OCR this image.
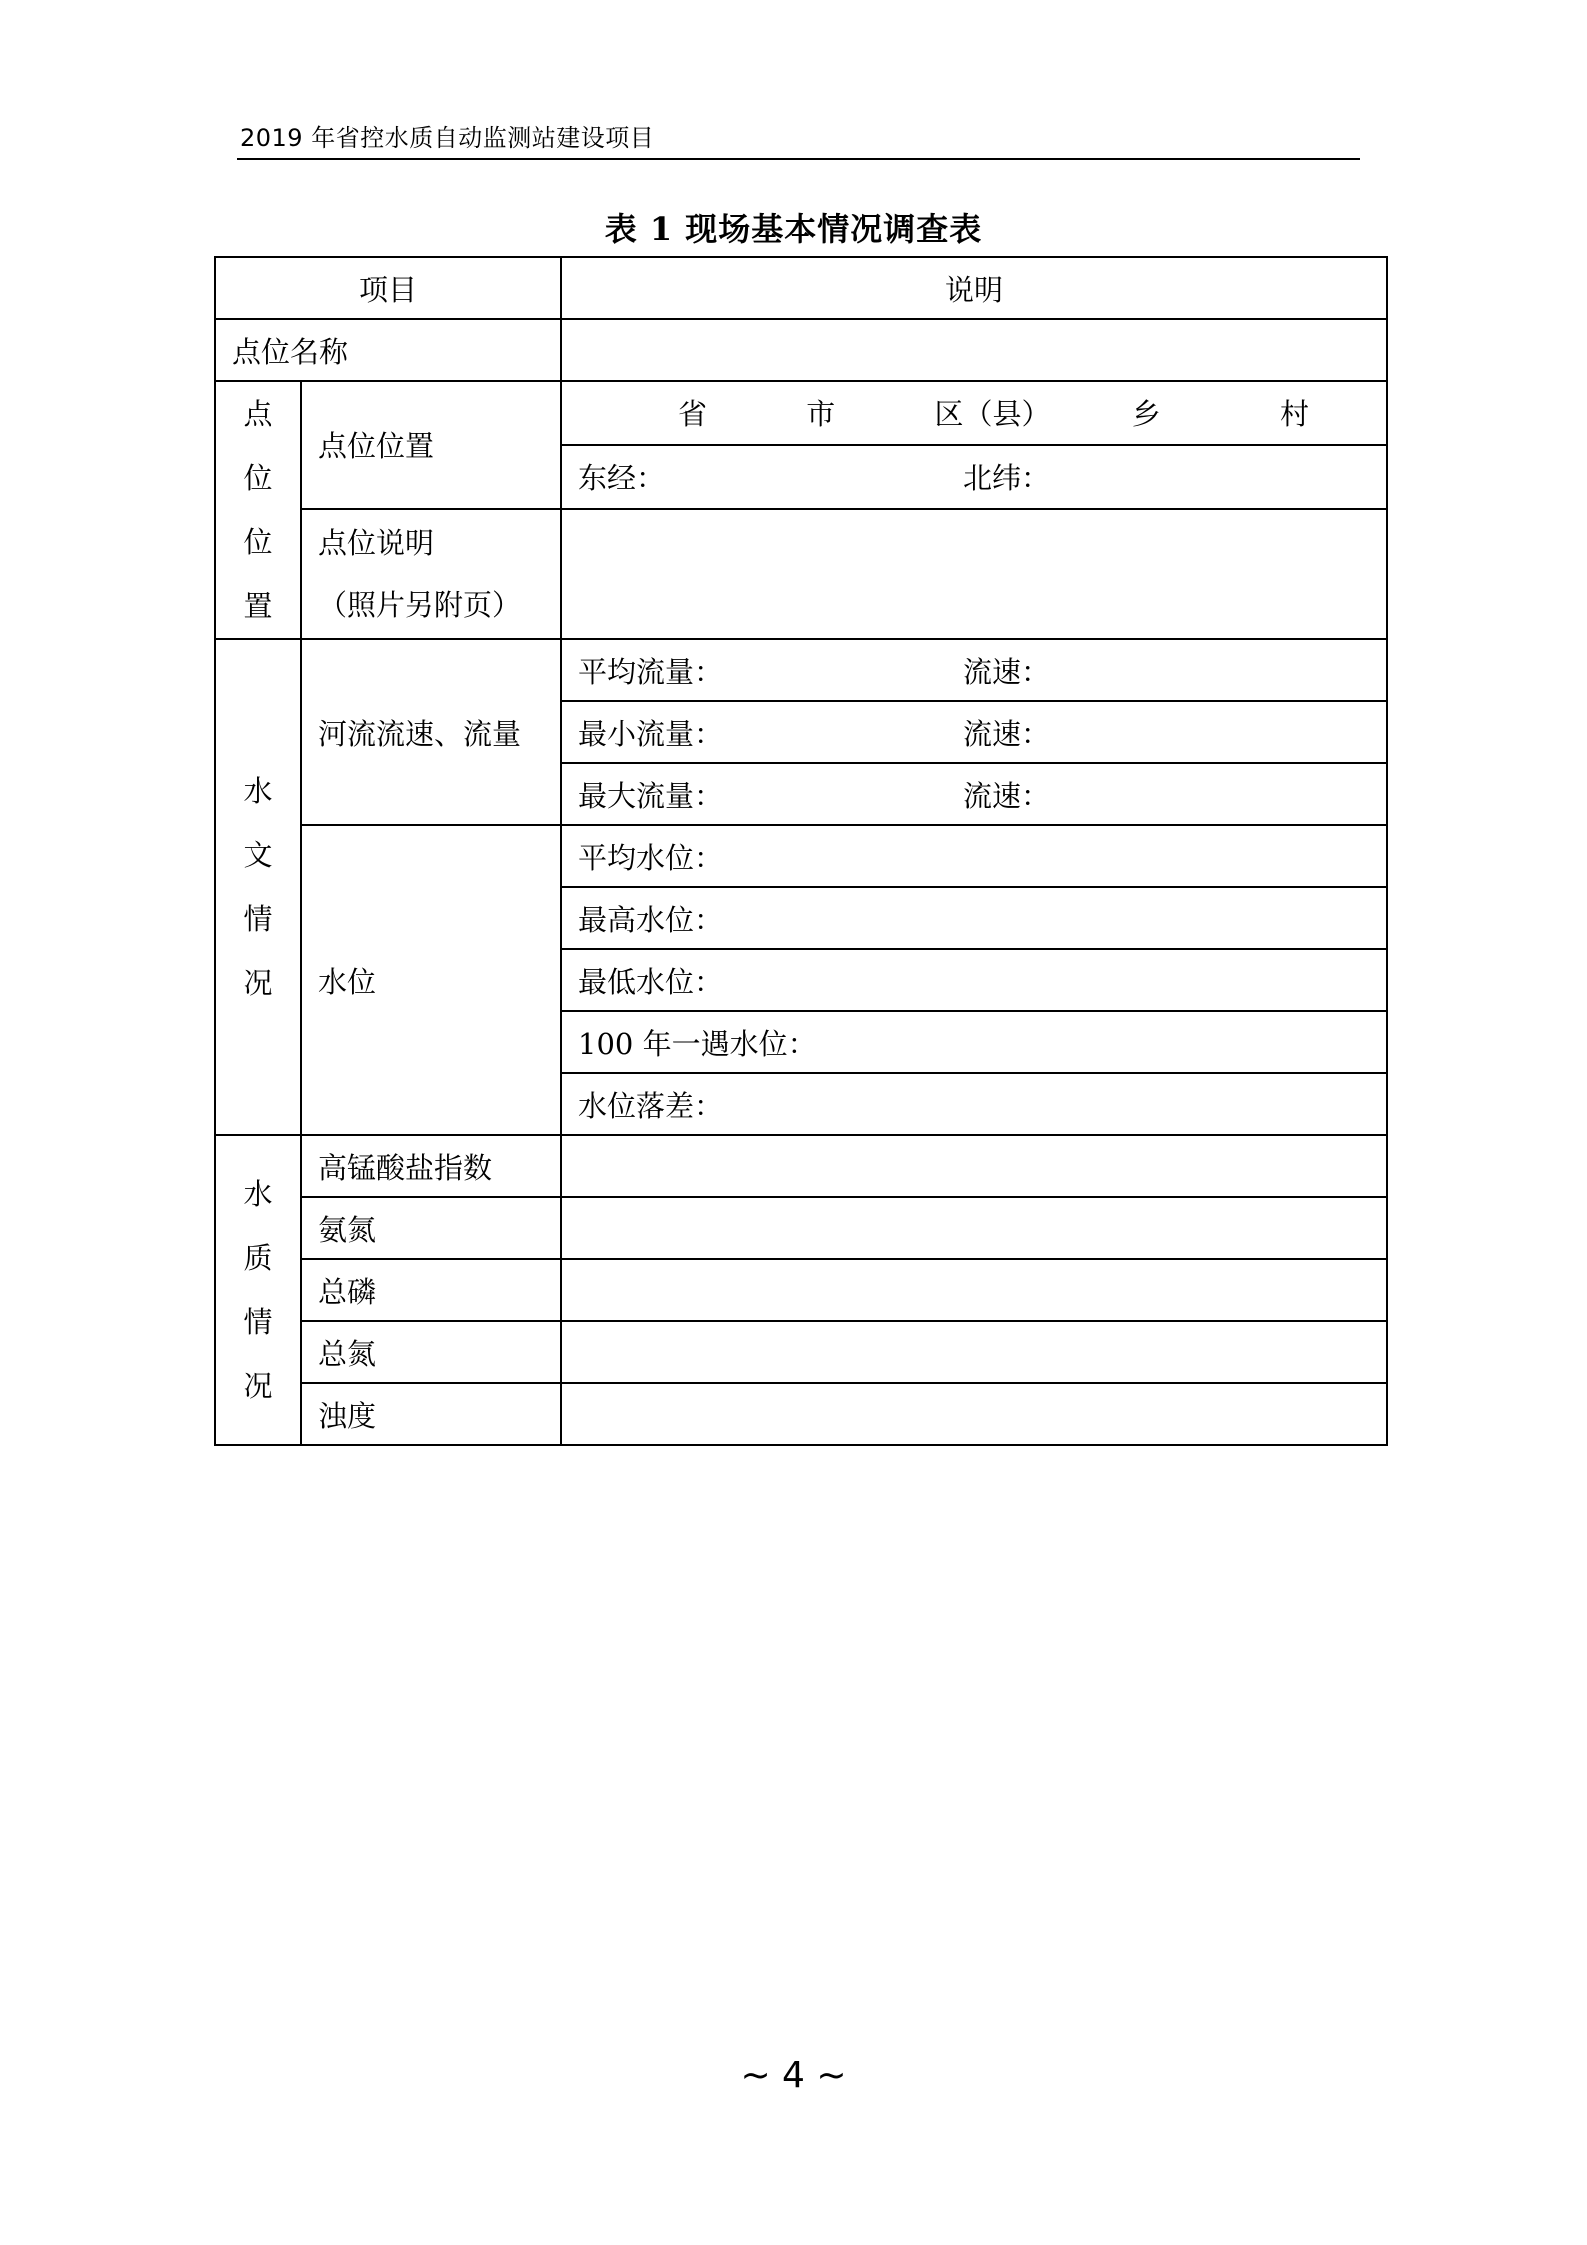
2019 年省控水质自动监测站建设项目
表 1 现场基本情况调查表
项目		说明
点位名称		

点
位
位
置	点位位置	省 市 区（县） 乡 村
		东经： 北纬：

	点位说明
（照片另附页）	

水
文
情
况	河流流速、流量	平均流量： 流速：
		最小流量： 流速：
		最大流量： 流速：
	水位	平均水位：
		最高水位：
		最低水位：
		100 年一遇水位：
		水位落差：

水
质
情
况	高锰酸盐指数	
	氨氮	
	总磷	
	总氮	
	浊度	
~ 4 ~
